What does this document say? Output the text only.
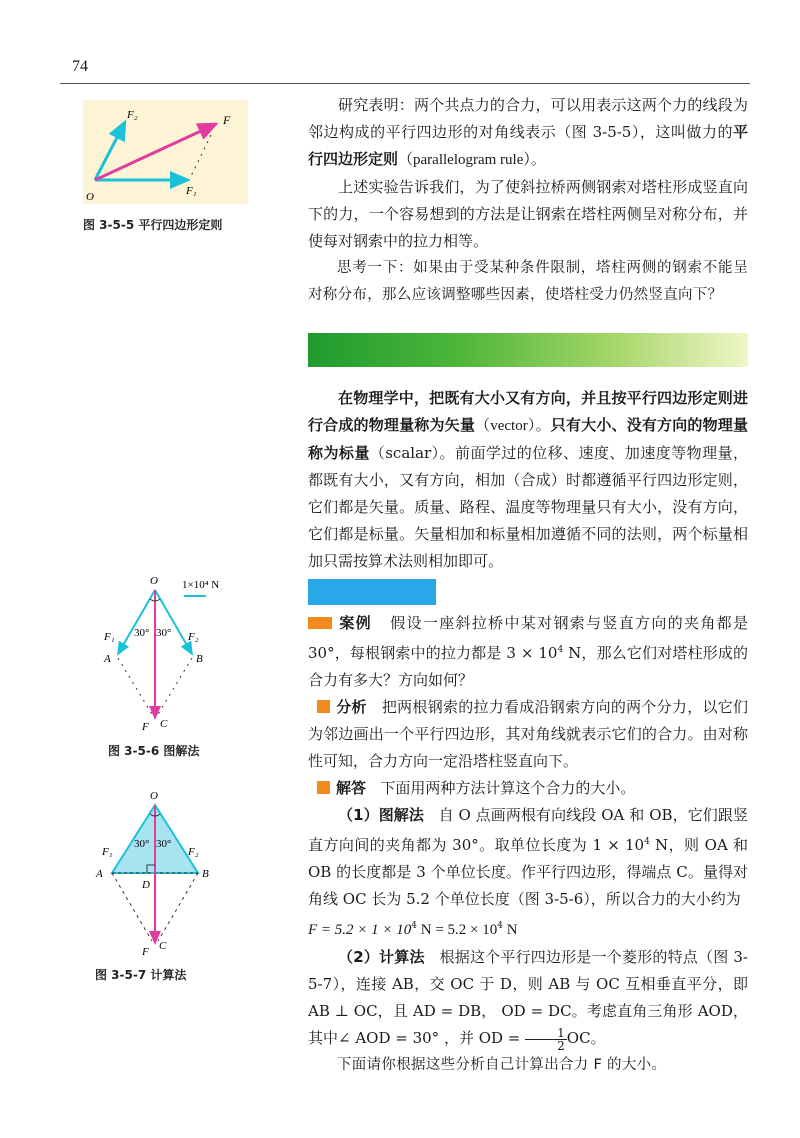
74
F₂	F
F₁
O
图 3-5-5 平行四边形定则

研究表明：两个共点力的合力，可以用表示这两个力的线段为邻边构成的平行四边形的对角线表示（图 3-5-5），这叫做力的平行四边形定则（parallelogram rule）。

上述实验告诉我们，为了使斜拉桥两侧钢索对塔柱形成竖直向下的力，一个容易想到的方法是让钢索在塔柱两侧呈对称分布，并使每对钢索中的拉力相等。

思考一下：如果由于受某种条件限制，塔柱两侧的钢索不能呈对称分布，那么应该调整哪些因素，使塔柱受力仍然竖直向下？

在物理学中，把既有大小又有方向，并且按平行四边形定则进行合成的物理量称为矢量（vector）。只有大小、没有方向的物理量称为标量（scalar）。前面学过的位移、速度、加速度等物理量，都既有大小，又有方向，相加（合成）时都遵循平行四边形定则，它们都是矢量。质量、路程、温度等物理量只有大小，没有方向，它们都是标量。矢量相加和标量相加遵循不同的法则，两个标量相加只需按算术法则相加即可。

O 1×10⁴ N
30° 30°
F₁	F₂
A	B
F C
图 3-5-6 图解法
O
30° 30°
F₁	F₂
A	B
D
F C
图 3-5-7 计算法

案例 假设一座斜拉桥中某对钢索与竖直方向的夹角都是 30°，每根钢索中的拉力都是 $3 \times 10^4$ N，那么它们对塔柱形成的合力有多大？方向如何？

分析 把两根钢索的拉力看成沿钢索方向的两个分力，以它们为邻边画出一个平行四边形，其对角线就表示它们的合力。由对称性可知，合力方向一定沿塔柱竖直向下。

解答 下面用两种方法计算这个合力的大小。

（1）图解法 自 O 点画两根有向线段 OA 和 OB，它们跟竖直方向间的夹角都为 30°。取单位长度为 $1 \times 10^4$ N，则 OA 和 OB 的长度都是 3 个单位长度。作平行四边形，得端点 C。量得对角线 OC 长为 5.2 个单位长度（图 3-5-6），所以合力的大小约为

$F = 5.2 \times 1 \times 10^4$ $N = 5.2 \times 10^4$ N

（2）计算法 根据这个平行四边形是一个菱形的特点（图 3-5-7），连接 AB，交 OC 于 D，则 AB 与 OC 互相垂直平分，即 AB ⊥ OC，且 AD = DB， OD = DC。考虑直角三角形 AOD，其中∠ AOD = 30° ，并 OD = $\frac{1}{2}$ OC。

下面请你根据这些分析自己计算出合力 F 的大小。
